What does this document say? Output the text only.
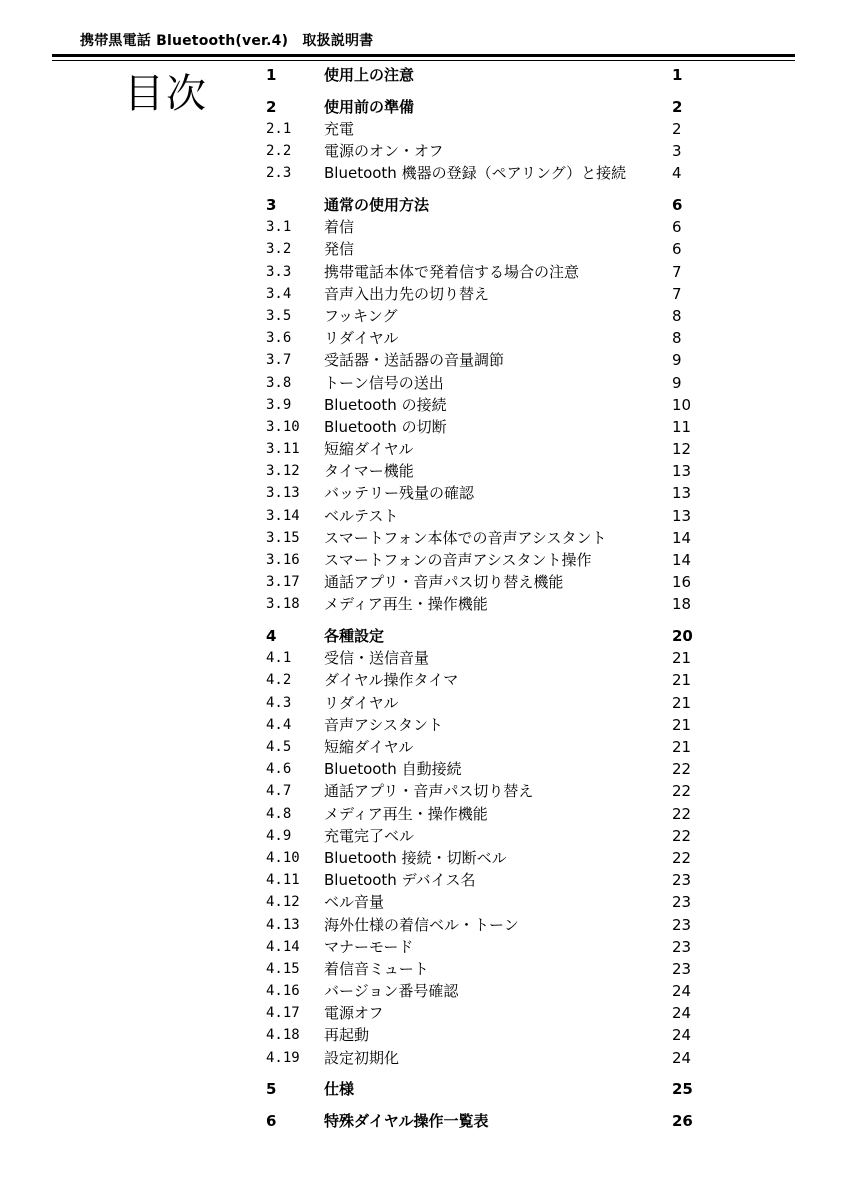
携帯黒電話 Bluetooth(ver.4)　取扱説明書
目次	1	使用上の注意	1
2	使用前の準備	2
2.1	充電	2
2.2	電源のオン・オフ	3
2.3	Bluetooth 機器の登録（ペアリング）と接続	4
3	通常の使用方法	6
3.1	着信	6
3.2	発信	6
3.3	携帯電話本体で発着信する場合の注意	7
3.4	音声入出力先の切り替え	7
3.5	フッキング	8
3.6	リダイヤル	8
3.7	受話器・送話器の音量調節	9
3.8	トーン信号の送出	9
3.9	Bluetooth の接続	10
3.10	Bluetooth の切断	11
3.11	短縮ダイヤル	12
3.12	タイマー機能	13
3.13	バッテリー残量の確認	13
3.14	ベルテスト	13
3.15	スマートフォン本体での音声アシスタント	14
3.16	スマートフォンの音声アシスタント操作	14
3.17	通話アプリ・音声パス切り替え機能	16
3.18	メディア再生・操作機能	18
4	各種設定	20
4.1	受信・送信音量	21
4.2	ダイヤル操作タイマ	21
4.3	リダイヤル	21
4.4	音声アシスタント	21
4.5	短縮ダイヤル	21
4.6	Bluetooth 自動接続	22
4.7	通話アプリ・音声パス切り替え	22
4.8	メディア再生・操作機能	22
4.9	充電完了ベル	22
4.10	Bluetooth 接続・切断ベル	22
4.11	Bluetooth デバイス名	23
4.12	ベル音量	23
4.13	海外仕様の着信ベル・トーン	23
4.14	マナーモード	23
4.15	着信音ミュート	23
4.16	バージョン番号確認	24
4.17	電源オフ	24
4.18	再起動	24
4.19	設定初期化	24
5	仕様	25
6	特殊ダイヤル操作一覧表	26
